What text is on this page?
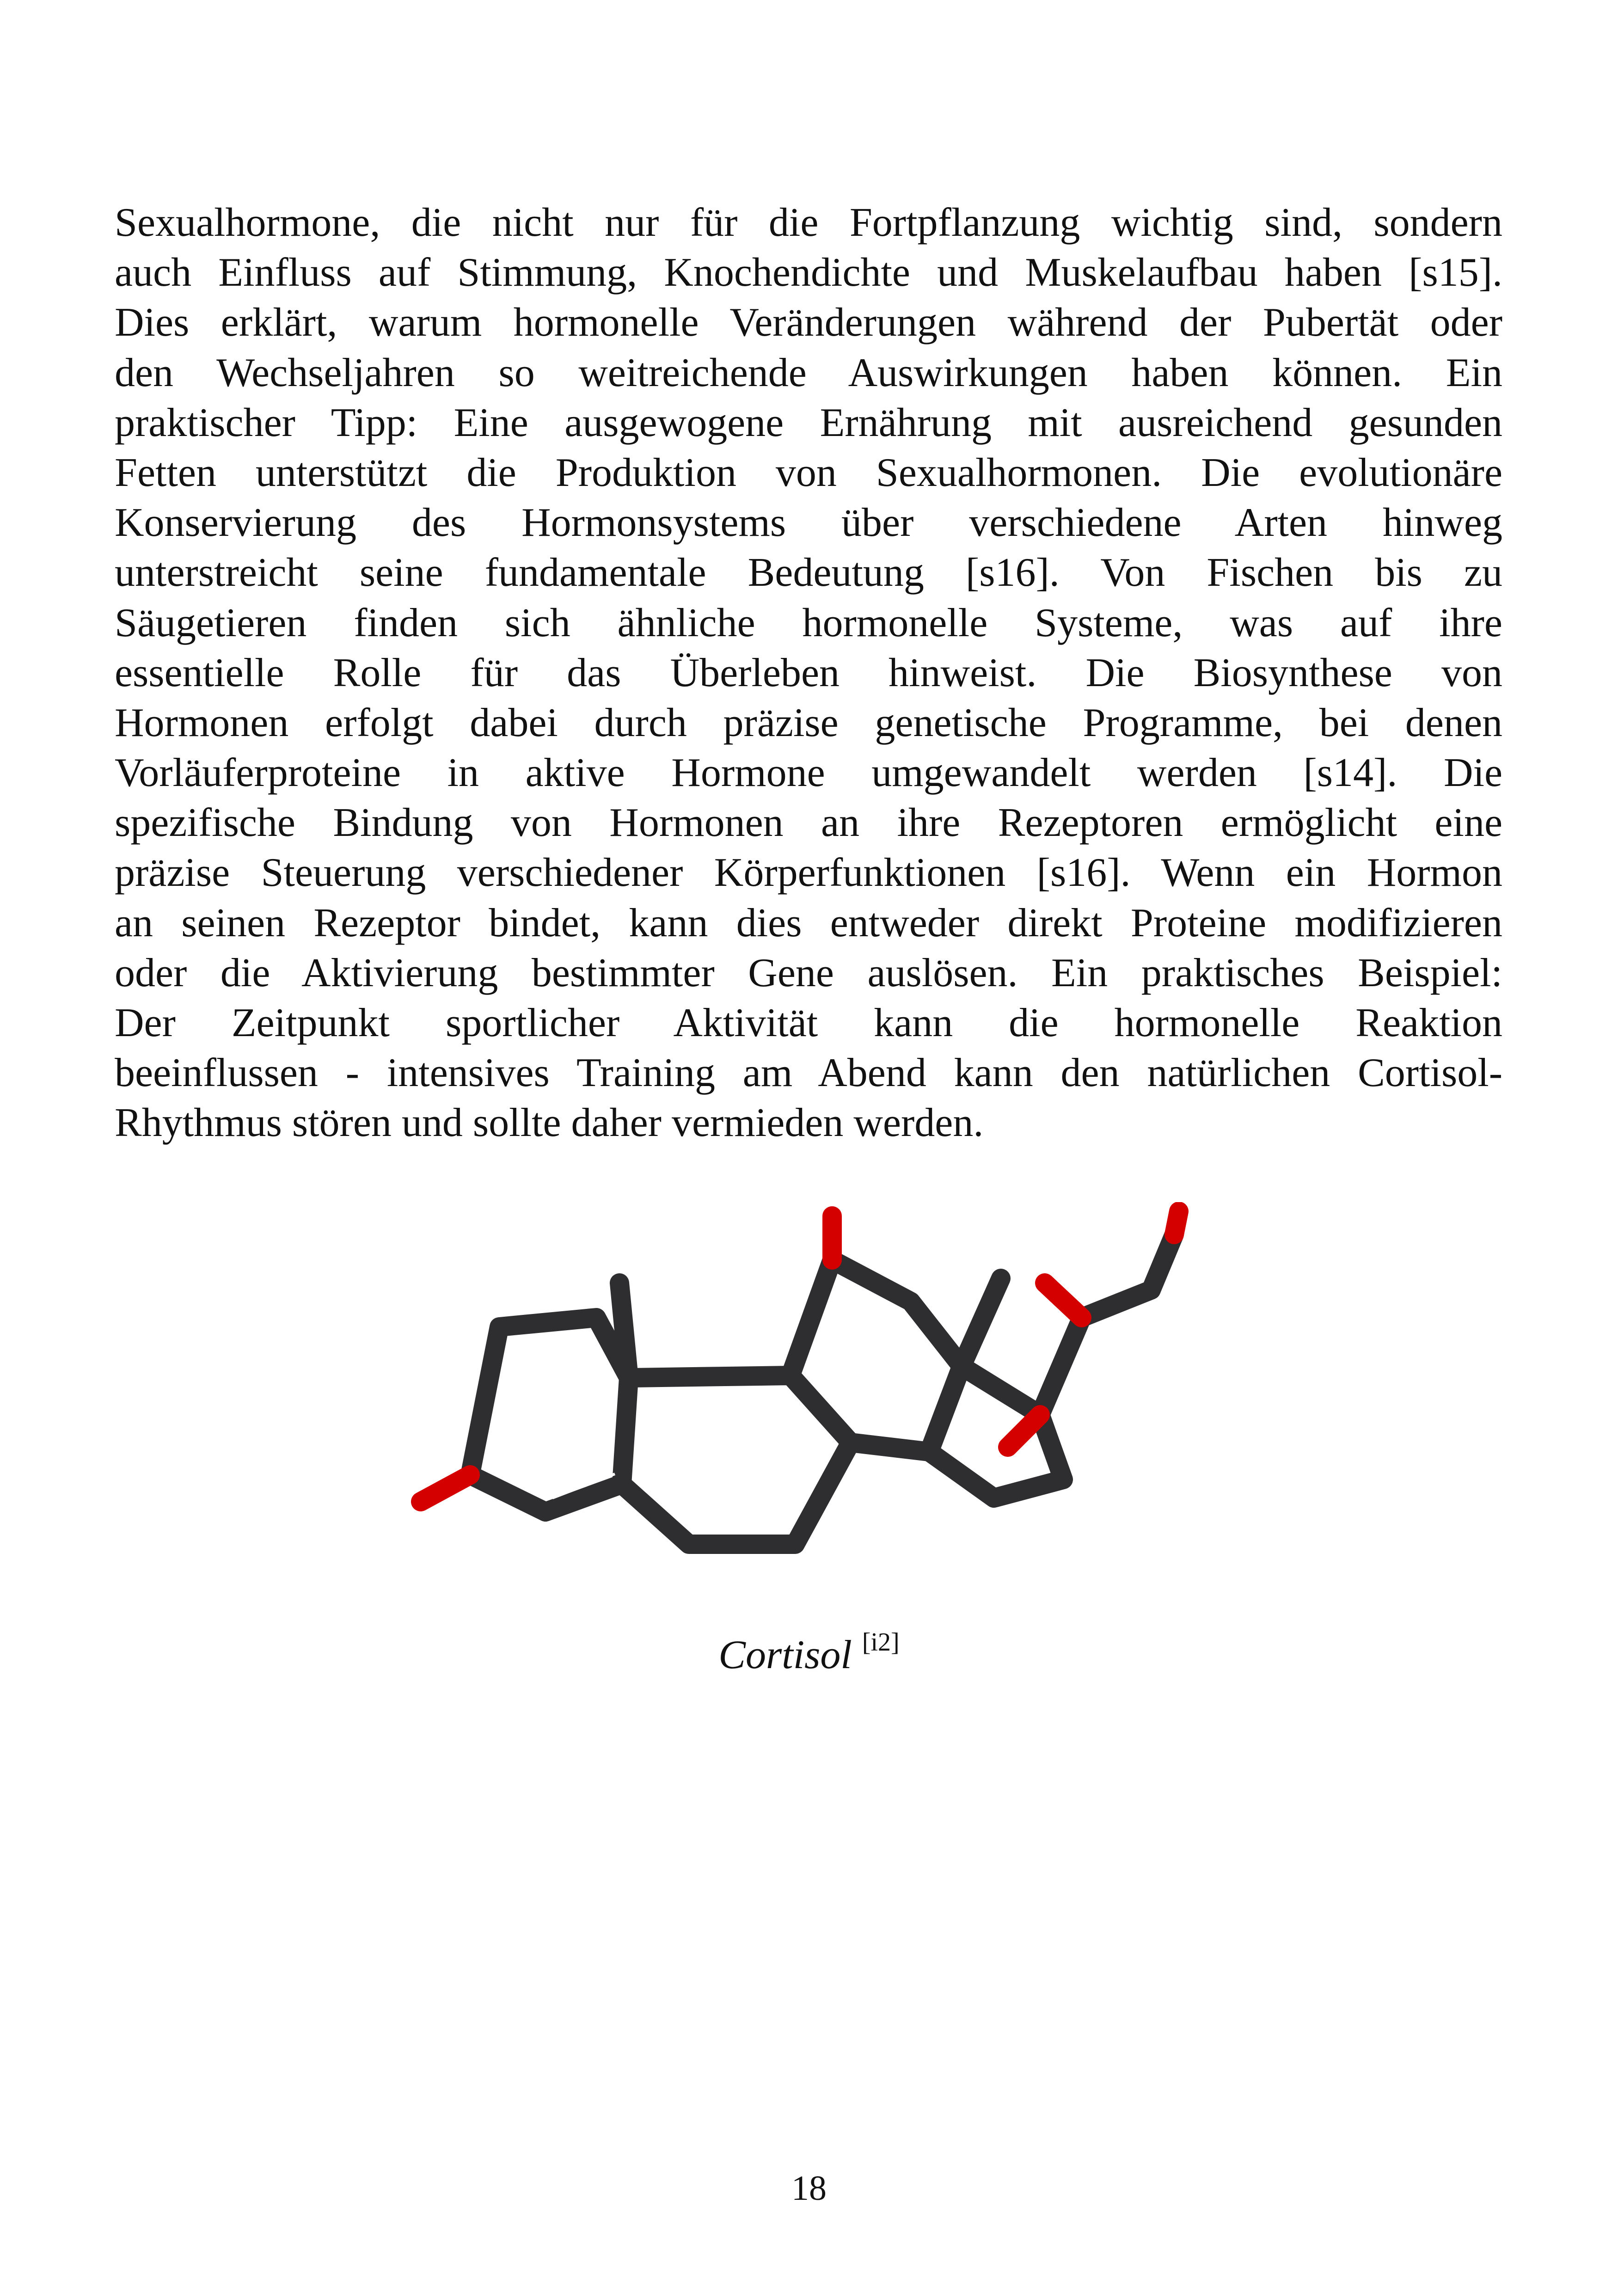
Sexualhormone, die nicht nur für die Fortpflanzung wichtig sind, sondern
auch Einfluss auf Stimmung, Knochendichte und Muskelaufbau haben [s15].
Dies erklärt, warum hormonelle Veränderungen während der Pubertät oder
den Wechseljahren so weitreichende Auswirkungen haben können. Ein
praktischer Tipp: Eine ausgewogene Ernährung mit ausreichend gesunden
Fetten unterstützt die Produktion von Sexualhormonen. Die evolutionäre
Konservierung des Hormonsystems über verschiedene Arten hinweg
unterstreicht seine fundamentale Bedeutung [s16]. Von Fischen bis zu
Säugetieren finden sich ähnliche hormonelle Systeme, was auf ihre
essentielle Rolle für das Überleben hinweist. Die Biosynthese von
Hormonen erfolgt dabei durch präzise genetische Programme, bei denen
Vorläuferproteine in aktive Hormone umgewandelt werden [s14]. Die
spezifische Bindung von Hormonen an ihre Rezeptoren ermöglicht eine
präzise Steuerung verschiedener Körperfunktionen [s16]. Wenn ein Hormon
an seinen Rezeptor bindet, kann dies entweder direkt Proteine modifizieren
oder die Aktivierung bestimmter Gene auslösen. Ein praktisches Beispiel:
Der Zeitpunkt sportlicher Aktivität kann die hormonelle Reaktion
beeinflussen - intensives Training am Abend kann den natürlichen Cortisol-
Rhythmus stören und sollte daher vermieden werden.
Cortisol [i2]
18
